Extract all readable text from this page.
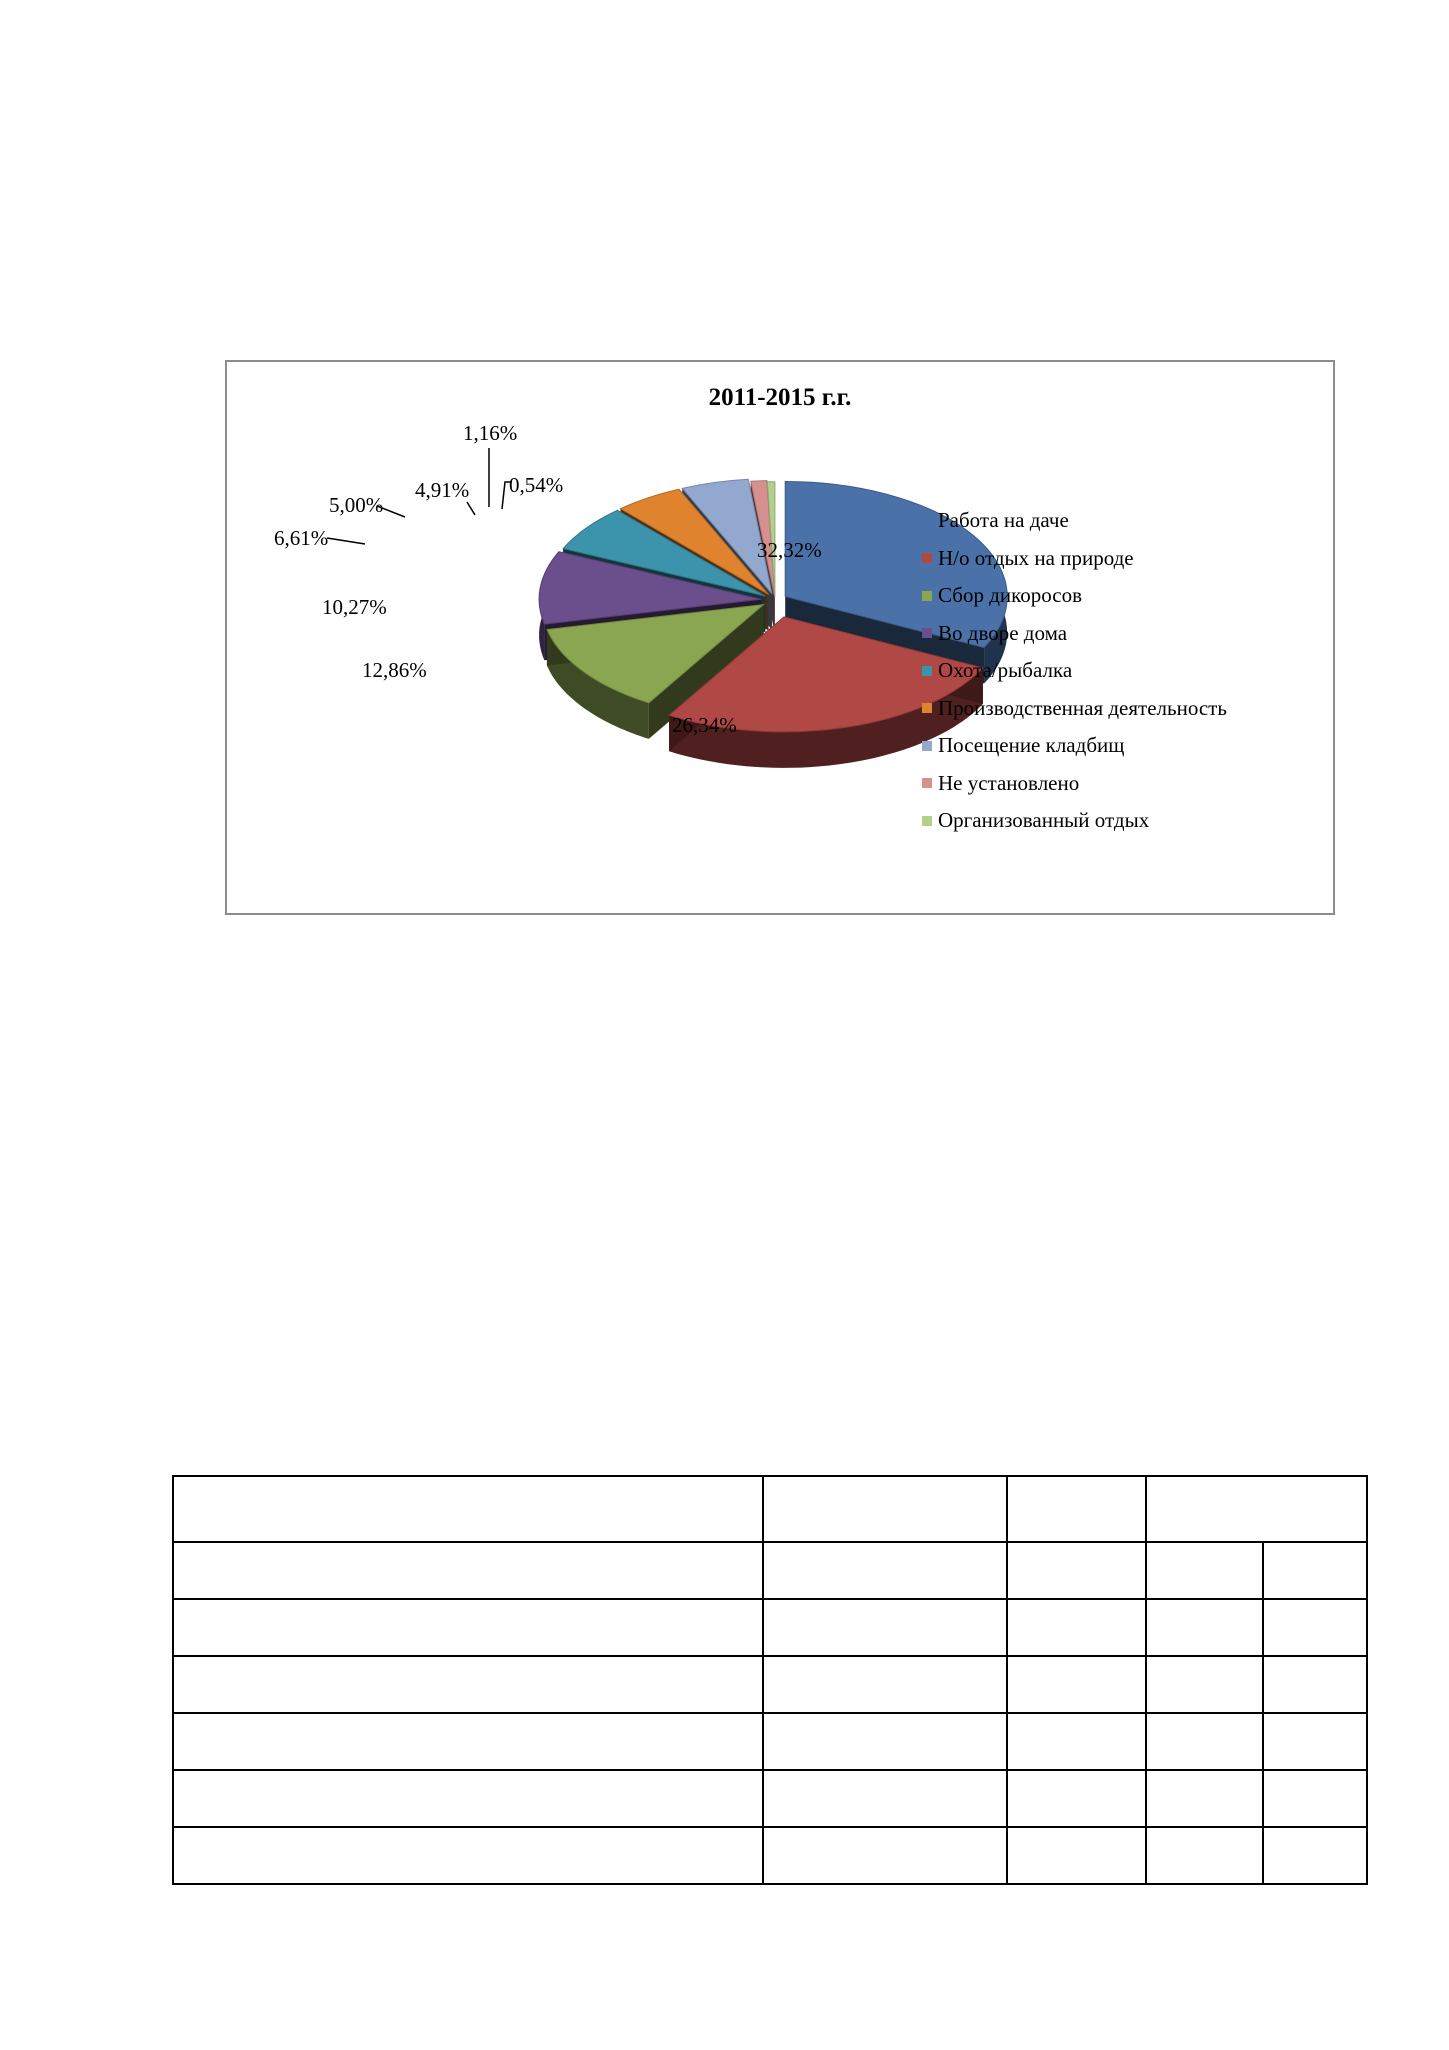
32,32%
26,34%
12,86%
10,27%
6,61%
5,00%
4,91%
1,16%
0,54%
2011-2015 г.г.
Работа на даче
Н/о отдых на природе
Сбор дикоросов
Во дворе дома
Охота/рыбалка
Производственная деятельность
Посещение кладбищ
Не установлено
Организованный отдых
